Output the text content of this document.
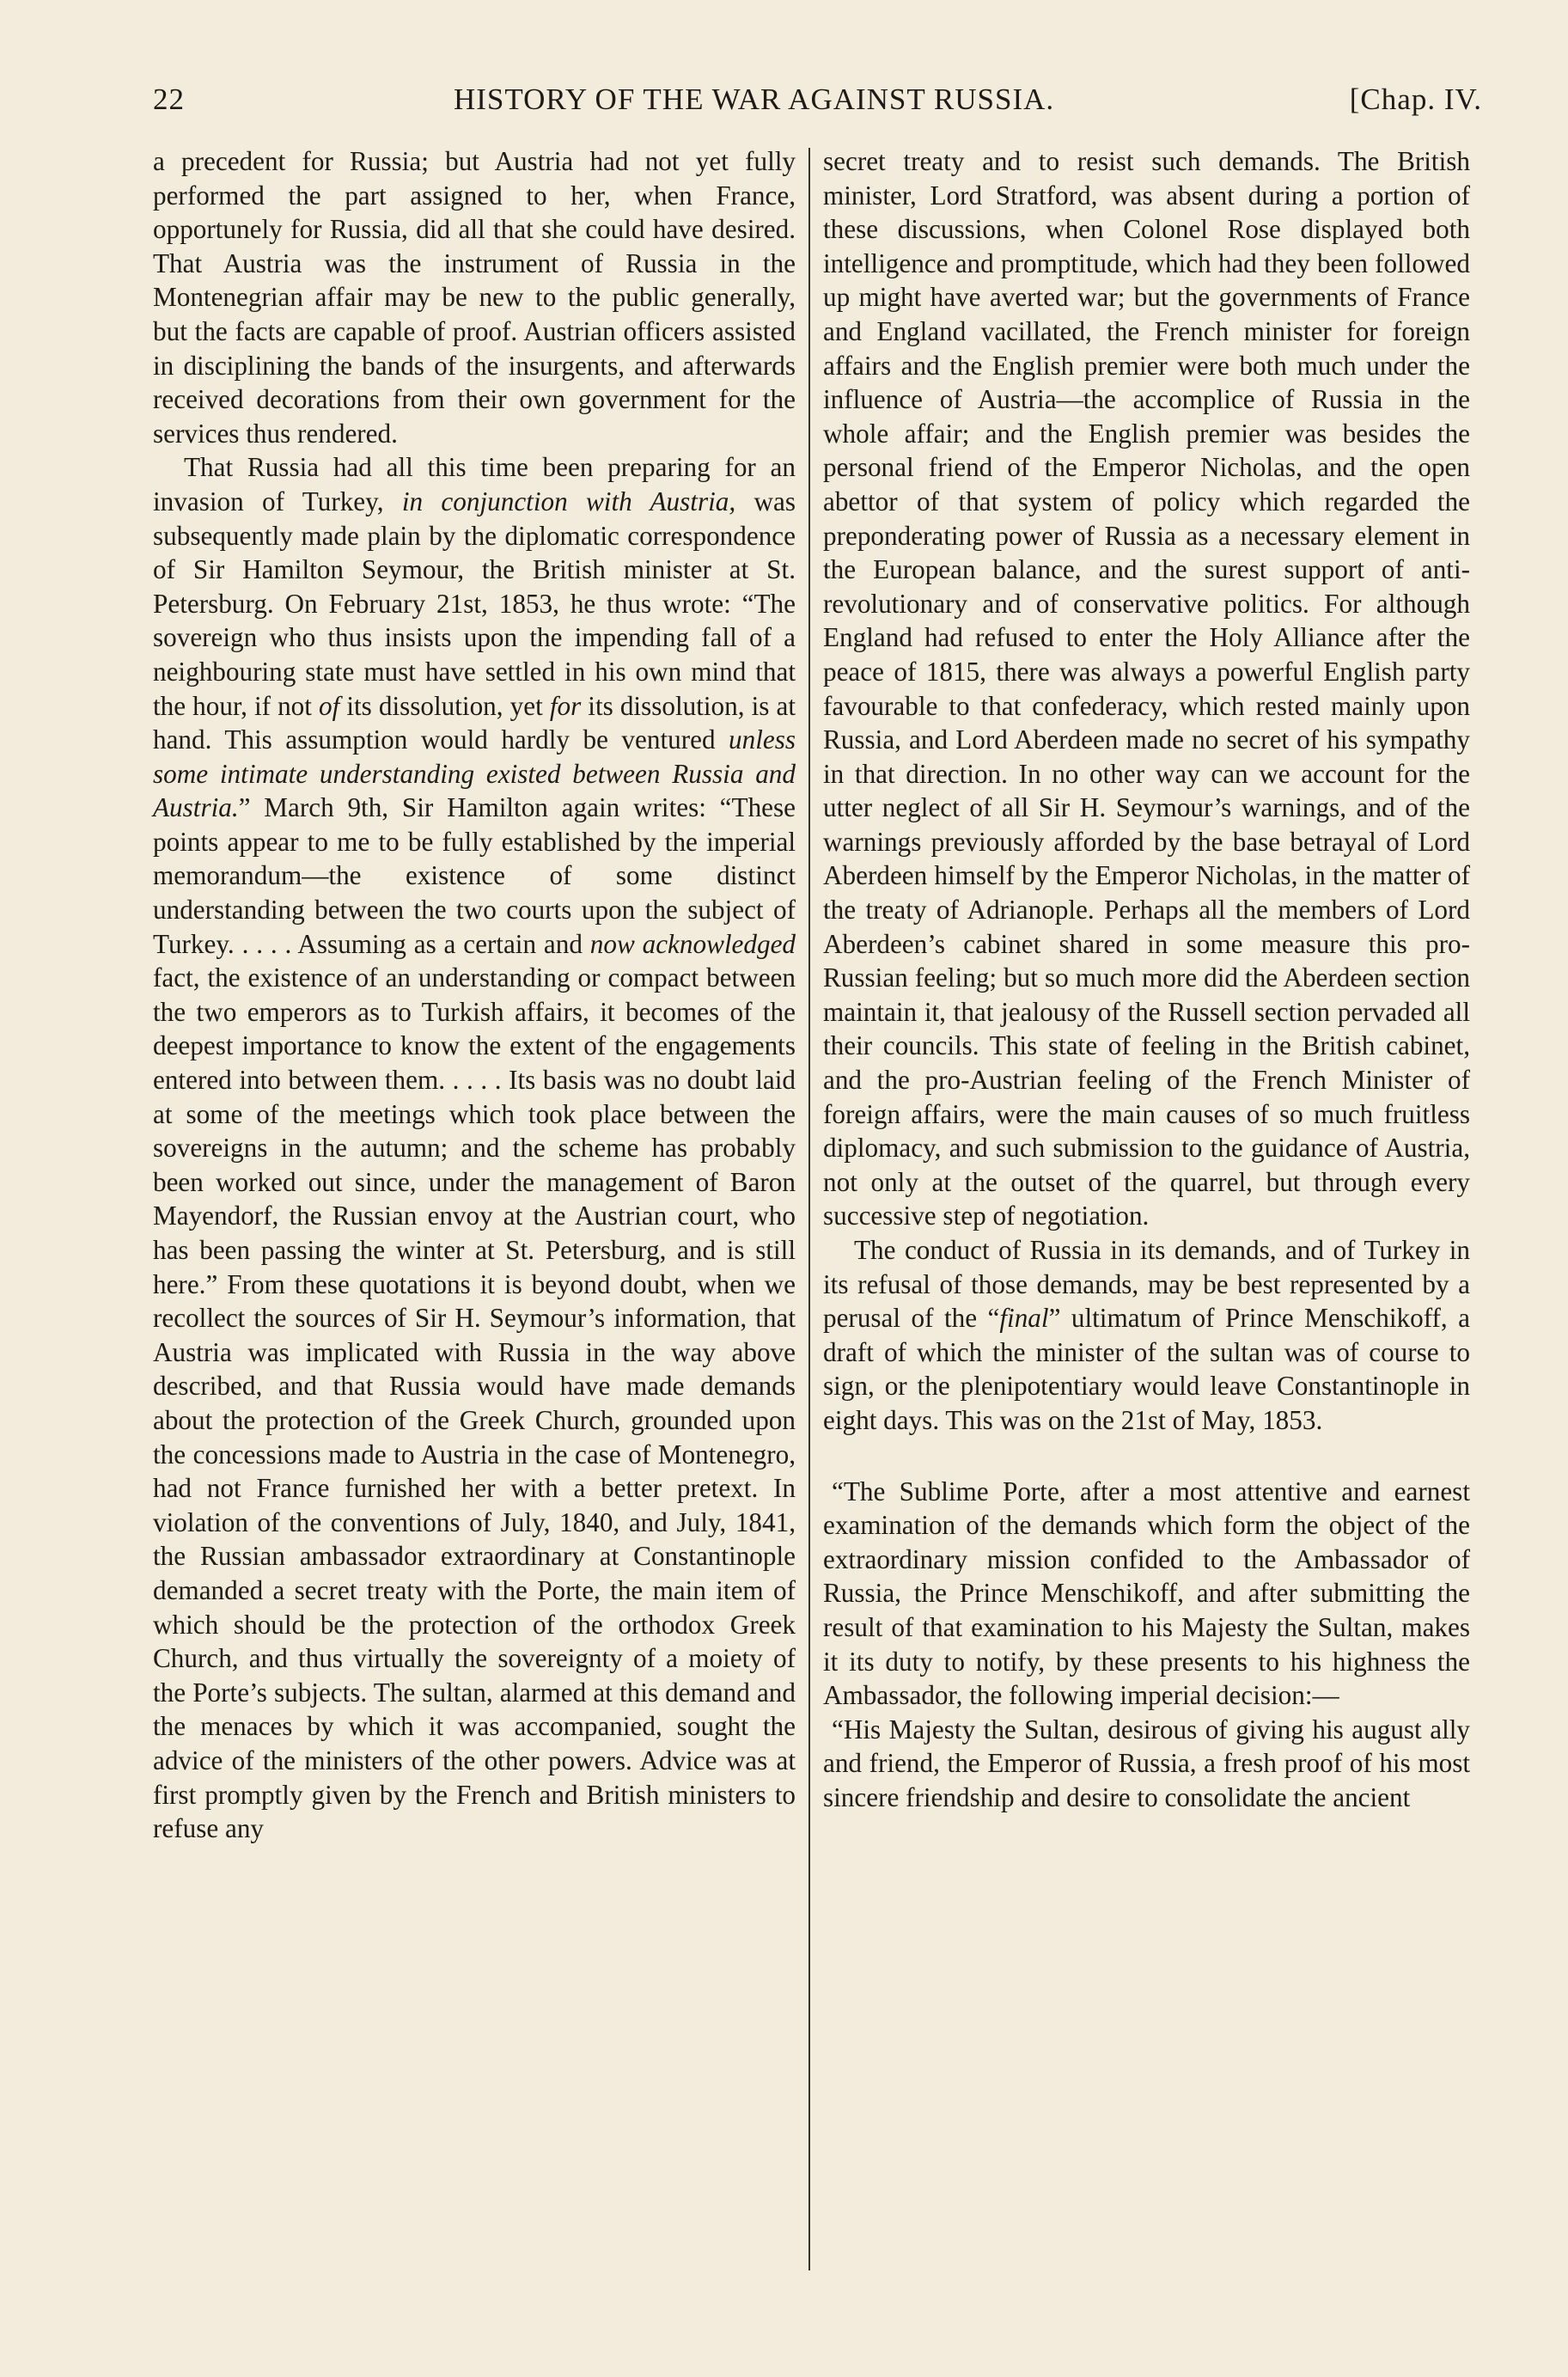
22	HISTORY OF THE WAR AGAINST RUSSIA.	[Chap. IV.

a precedent for Russia; but Austria had not yet fully performed the part assigned to her, when France, opportunely for Russia, did all that she could have desired. That Austria was the instrument of Russia in the Montenegrian affair may be new to the public generally, but the facts are capable of proof. Austrian officers assisted in disciplining the bands of the insurgents, and afterwards received decorations from their own government for the services thus rendered.

That Russia had all this time been preparing for an invasion of Turkey, in conjunction with Austria, was subsequently made plain by the diplomatic correspondence of Sir Hamilton Seymour, the British minister at St. Petersburg. On February 21st, 1853, he thus wrote: “The sovereign who thus insists upon the impending fall of a neighbouring state must have settled in his own mind that the hour, if not of its dissolution, yet for its dissolution, is at hand. This assumption would hardly be ventured unless some intimate understanding existed between Russia and Austria.” March 9th, Sir Hamilton again writes: “These points appear to me to be fully established by the imperial memorandum—the existence of some distinct understanding between the two courts upon the subject of Turkey. . . . . Assuming as a certain and now acknowledged fact, the existence of an understanding or compact between the two emperors as to Turkish affairs, it becomes of the deepest importance to know the extent of the engagements entered into between them. . . . . Its basis was no doubt laid at some of the meetings which took place between the sovereigns in the autumn; and the scheme has probably been worked out since, under the management of Baron Mayendorf, the Russian envoy at the Austrian court, who has been passing the winter at St. Petersburg, and is still here.” From these quotations it is beyond doubt, when we recollect the sources of Sir H. Seymour’s information, that Austria was implicated with Russia in the way above described, and that Russia would have made demands about the protection of the Greek Church, grounded upon the concessions made to Austria in the case of Montenegro, had not France furnished her with a better pretext. In violation of the conventions of July, 1840, and July, 1841, the Russian ambassador extraordinary at Constantinople demanded a secret treaty with the Porte, the main item of which should be the protection of the orthodox Greek Church, and thus virtually the sovereignty of a moiety of the Porte’s subjects. The sultan, alarmed at this demand and the menaces by which it was accompanied, sought the advice of the ministers of the other powers. Advice was at first promptly given by the French and British ministers to refuse any

secret treaty and to resist such demands. The British minister, Lord Stratford, was absent during a portion of these discussions, when Colonel Rose displayed both intelligence and promptitude, which had they been followed up might have averted war; but the governments of France and England vacillated, the French minister for foreign affairs and the English premier were both much under the influence of Austria—the accomplice of Russia in the whole affair; and the English premier was besides the personal friend of the Emperor Nicholas, and the open abettor of that system of policy which regarded the preponderating power of Russia as a necessary element in the European balance, and the surest support of anti-revolutionary and of conservative politics. For although England had refused to enter the Holy Alliance after the peace of 1815, there was always a powerful English party favourable to that confederacy, which rested mainly upon Russia, and Lord Aberdeen made no secret of his sympathy in that direction. In no other way can we account for the utter neglect of all Sir H. Seymour’s warnings, and of the warnings previously afforded by the base betrayal of Lord Aberdeen himself by the Emperor Nicholas, in the matter of the treaty of Adrianople. Perhaps all the members of Lord Aberdeen’s cabinet shared in some measure this pro-Russian feeling; but so much more did the Aberdeen section maintain it, that jealousy of the Russell section pervaded all their councils. This state of feeling in the British cabinet, and the pro-Austrian feeling of the French Minister of foreign affairs, were the main causes of so much fruitless diplomacy, and such submission to the guidance of Austria, not only at the outset of the quarrel, but through every successive step of negotiation.

The conduct of Russia in its demands, and of Turkey in its refusal of those demands, may be best represented by a perusal of the “final” ultimatum of Prince Menschikoff, a draft of which the minister of the sultan was of course to sign, or the plenipotentiary would leave Constantinople in eight days. This was on the 21st of May, 1853.

“The Sublime Porte, after a most attentive and earnest examination of the demands which form the object of the extraordinary mission confided to the Ambassador of Russia, the Prince Menschikoff, and after submitting the result of that examination to his Majesty the Sultan, makes it its duty to notify, by these presents to his highness the Ambassador, the following imperial decision:—

“His Majesty the Sultan, desirous of giving his august ally and friend, the Emperor of Russia, a fresh proof of his most sincere friendship and desire to consolidate the ancient
